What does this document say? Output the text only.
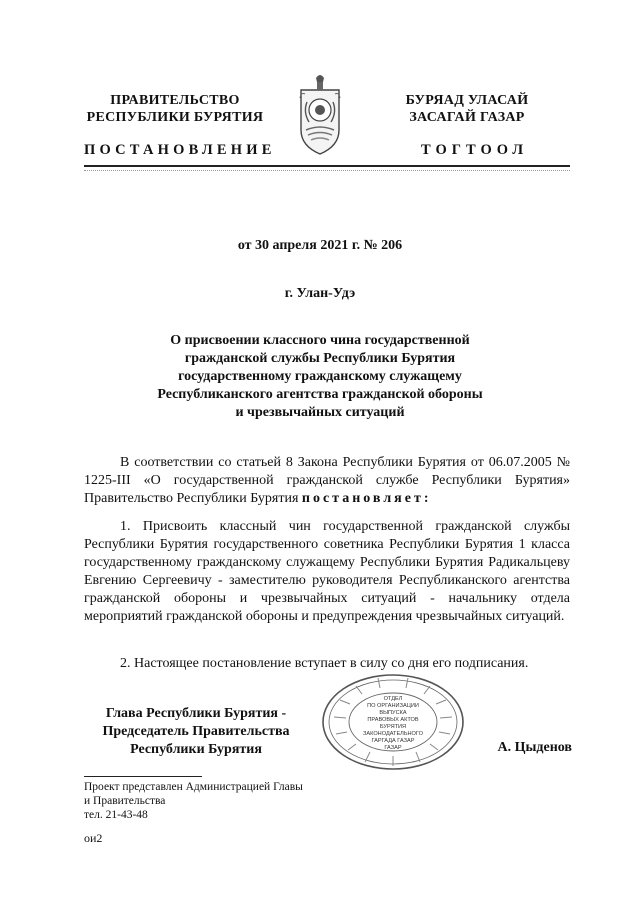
ПРАВИТЕЛЬСТВО
РЕСПУБЛИКИ БУРЯТИЯ
БУРЯАД УЛАСАЙ
ЗАСАГАЙ ГАЗАР
ПОСТАНОВЛЕНИЕ	ТОГТООЛ
от 30 апреля 2021 г. № 206
г. Улан-Удэ
О присвоении классного чина государственной
гражданской службы Республики Бурятия
государственному гражданскому служащему
Республиканского агентства гражданской обороны
и чрезвычайных ситуаций
В соответствии со статьей 8 Закона Республики Бурятия от 06.07.2005 № 1225-III «О государственной гражданской службе Республики Бурятия» Правительство Республики Бурятия постановляет:
1. Присвоить классный чин государственной гражданской службы Республики Бурятия государственного советника Республики Бурятия 1 класса государственному гражданскому служащему Республики Бурятия Радикальцеву Евгению Сергеевичу - заместителю руководителя Республиканского агентства гражданской обороны и чрезвычайных ситуаций - начальнику отдела мероприятий гражданской обороны и предупреждения чрезвычайных ситуаций.
2. Настоящее постановление вступает в силу со дня его подписания.
Глава Республики Бурятия -
Председатель Правительства
Республики Бурятия
ОТДЕЛ
ПО ОРГАНИЗАЦИИ
ВЫПУСКА
ПРАВОВЫХ АКТОВ
БУРЯТИЯ
ЗАКОНОДАТЕЛЬНОГО
ГАРГАДА ГАЗАР
ГАЗАР	А. Цыденов
Проект представлен Администрацией Главы
и Правительства
тел. 21-43-48
ои2
